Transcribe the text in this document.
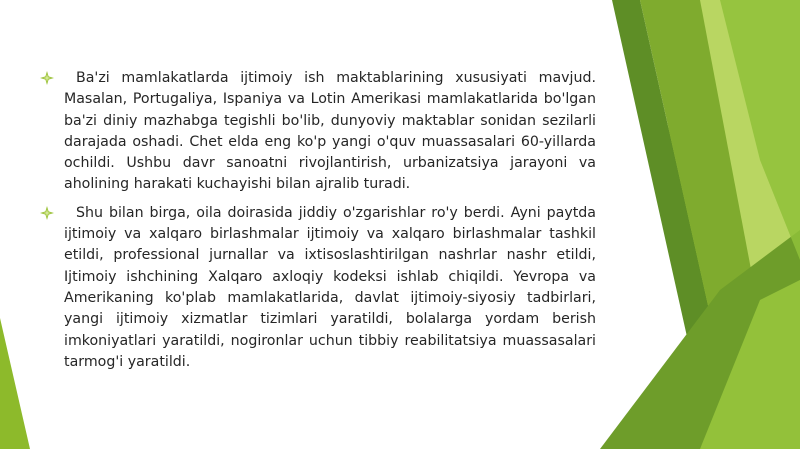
Ba'zi mamlakatlarda ijtimoiy ish maktablarining xususiyati mavjud. Masalan, Portugaliya, Ispaniya va Lotin Amerikasi mamlakatlarida bo'lgan ba'zi diniy mazhabga tegishli bo'lib, dunyoviy maktablar sonidan sezilarli darajada oshadi. Chet elda eng ko'p yangi o'quv muassasalari 60-yillarda ochildi. Ushbu davr sanoatni rivojlantirish, urbanizatsiya jarayoni va aholining harakati kuchayishi bilan ajralib turadi.
Shu bilan birga, oila doirasida jiddiy o'zgarishlar ro'y berdi. Ayni paytda ijtimoiy va xalqaro birlashmalar ijtimoiy va xalqaro birlashmalar tashkil etildi, professional jurnallar va ixtisoslashtirilgan nashrlar nashr etildi, Ijtimoiy ishchining Xalqaro axloqiy kodeksi ishlab chiqildi. Yevropa va Amerikaning ko'plab mamlakatlarida, davlat ijtimoiy-siyosiy tadbirlari, yangi ijtimoiy xizmatlar tizimlari yaratildi, bolalarga yordam berish imkoniyatlari yaratildi, nogironlar uchun tibbiy reabilitatsiya muassasalari tarmog'i yaratildi.
